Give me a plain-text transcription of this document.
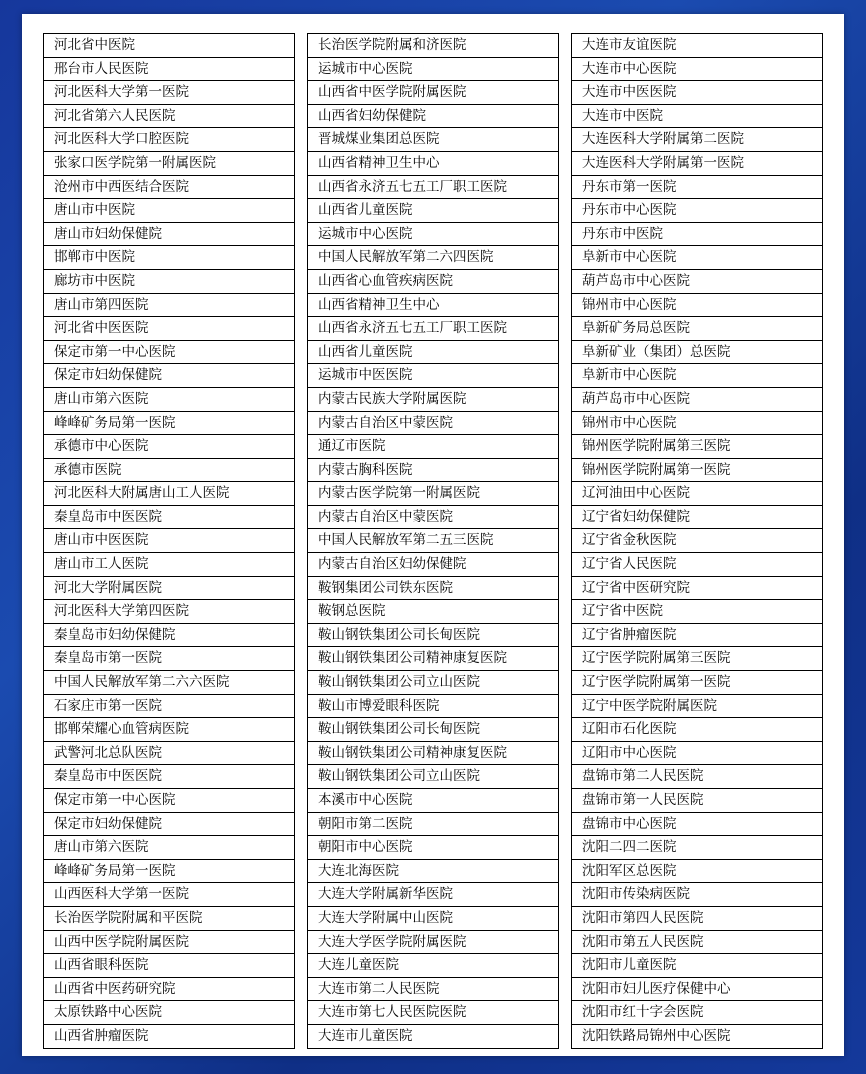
河北省中医院
邢台市人民医院
河北医科大学第一医院
河北省第六人民医院
河北医科大学口腔医院
张家口医学院第一附属医院
沧州市中西医结合医院
唐山市中医院
唐山市妇幼保健院
邯郸市中医院
廊坊市中医院
唐山市第四医院
河北省中医医院
保定市第一中心医院
保定市妇幼保健院
唐山市第六医院
峰峰矿务局第一医院
承德市中心医院
承德市医院
河北医科大附属唐山工人医院
秦皇岛市中医医院
唐山市中医医院
唐山市工人医院
河北大学附属医院
河北医科大学第四医院
秦皇岛市妇幼保健院
秦皇岛市第一医院
中国人民解放军第二六六医院
石家庄市第一医院
邯郸荣耀心血管病医院
武警河北总队医院
秦皇岛市中医医院
保定市第一中心医院
保定市妇幼保健院
唐山市第六医院
峰峰矿务局第一医院
山西医科大学第一医院
长治医学院附属和平医院
山西中医学院附属医院
山西省眼科医院
山西省中医药研究院
太原铁路中心医院
山西省肿瘤医院
长治医学院附属和济医院
运城市中心医院
山西省中医学院附属医院
山西省妇幼保健院
晋城煤业集团总医院
山西省精神卫生中心
山西省永济五七五工厂职工医院
山西省儿童医院
运城市中心医院
中国人民解放军第二六四医院
山西省心血管疾病医院
山西省精神卫生中心
山西省永济五七五工厂职工医院
山西省儿童医院
运城市中医医院
内蒙古民族大学附属医院
内蒙古自治区中蒙医院
通辽市医院
内蒙古胸科医院
内蒙古医学院第一附属医院
内蒙古自治区中蒙医院
中国人民解放军第二五三医院
内蒙古自治区妇幼保健院
鞍钢集团公司铁东医院
鞍钢总医院
鞍山钢铁集团公司长甸医院
鞍山钢铁集团公司精神康复医院
鞍山钢铁集团公司立山医院
鞍山市博爱眼科医院
鞍山钢铁集团公司长甸医院
鞍山钢铁集团公司精神康复医院
鞍山钢铁集团公司立山医院
本溪市中心医院
朝阳市第二医院
朝阳市中心医院
大连北海医院
大连大学附属新华医院
大连大学附属中山医院
大连大学医学院附属医院
大连儿童医院
大连市第二人民医院
大连市第七人民医院医院
大连市儿童医院
大连市友谊医院
大连市中心医院
大连市中医医院
大连市中医院
大连医科大学附属第二医院
大连医科大学附属第一医院
丹东市第一医院
丹东市中心医院
丹东市中医院
阜新市中心医院
葫芦岛市中心医院
锦州市中心医院
阜新矿务局总医院
阜新矿业（集团）总医院
阜新市中心医院
葫芦岛市中心医院
锦州市中心医院
锦州医学院附属第三医院
锦州医学院附属第一医院
辽河油田中心医院
辽宁省妇幼保健院
辽宁省金秋医院
辽宁省人民医院
辽宁省中医研究院
辽宁省中医院
辽宁省肿瘤医院
辽宁医学院附属第三医院
辽宁医学院附属第一医院
辽宁中医学院附属医院
辽阳市石化医院
辽阳市中心医院
盘锦市第二人民医院
盘锦市第一人民医院
盘锦市中心医院
沈阳二四二医院
沈阳军区总医院
沈阳市传染病医院
沈阳市第四人民医院
沈阳市第五人民医院
沈阳市儿童医院
沈阳市妇儿医疗保健中心
沈阳市红十字会医院
沈阳铁路局锦州中心医院
